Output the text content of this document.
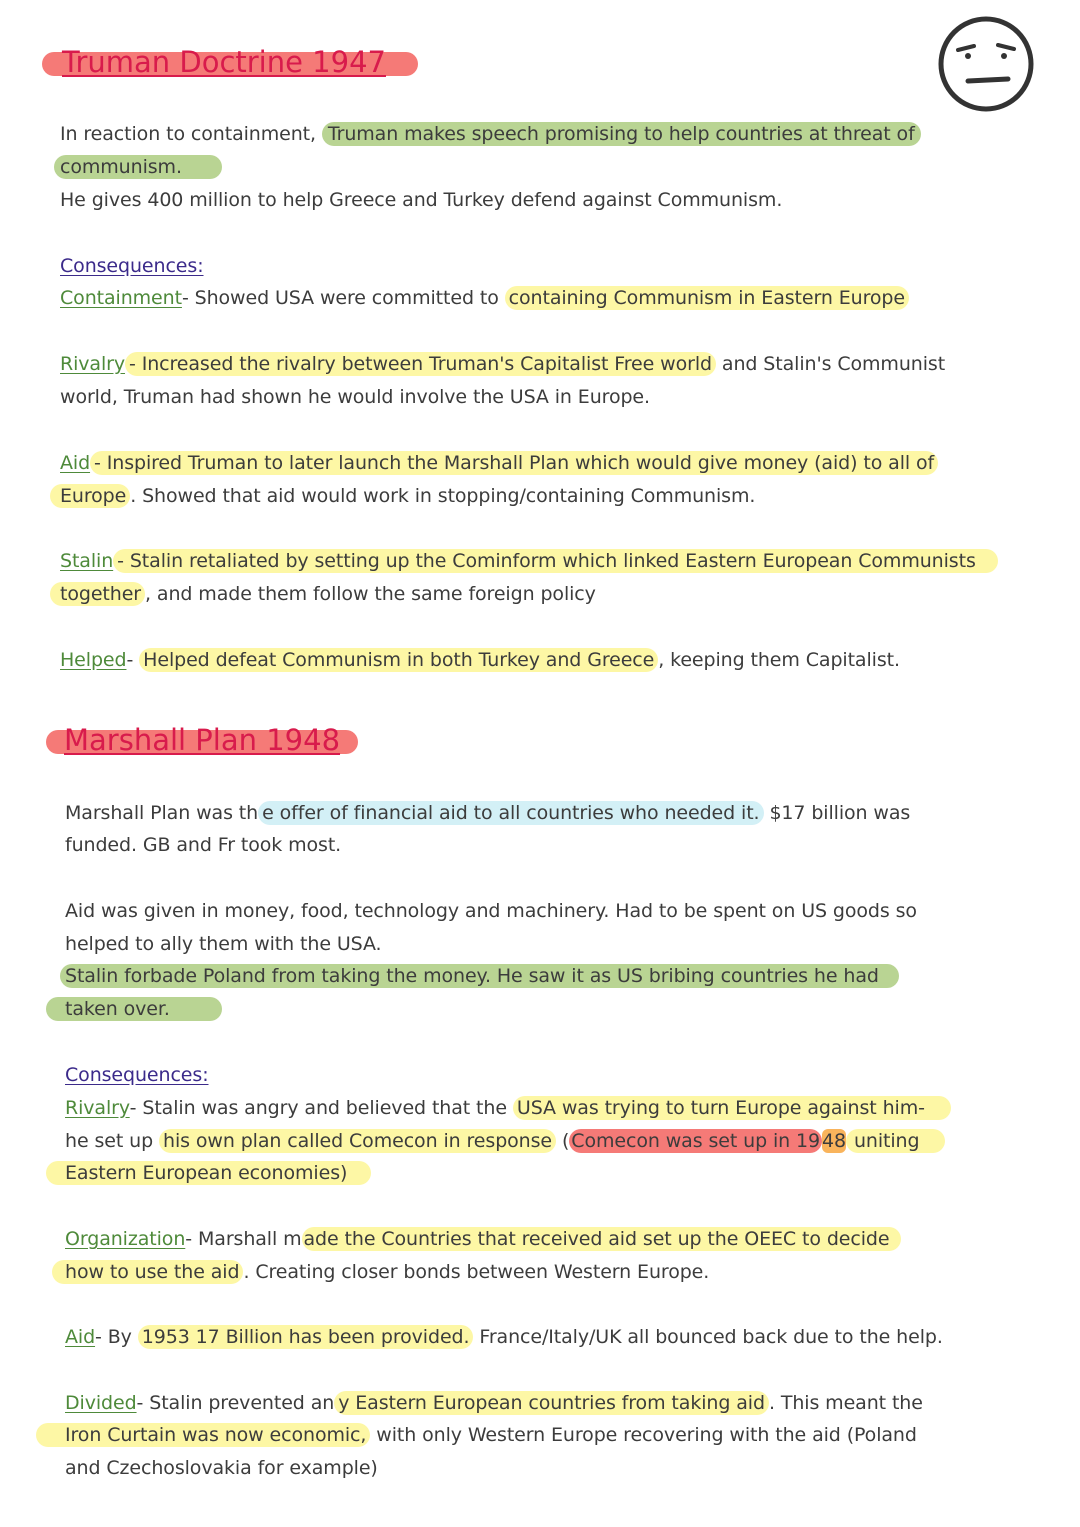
Truman Doctrine 1947
In reaction to containment, Truman makes speech promising to help countries at threat of
communism.
He gives 400 million to help Greece and Turkey defend against Communism.
Consequences:
Containment- Showed USA were committed to containing Communism in Eastern Europe
Rivalry - Increased the rivalry between Truman's Capitalist Free world and Stalin's Communist
world, Truman had shown he would involve the USA in Europe.
Aid - Inspired Truman to later launch the Marshall Plan which would give money (aid) to all of
Europe . Showed that aid would work in stopping/containing Communism.
Stalin - Stalin retaliated by setting up the Cominform which linked Eastern European Communists
together , and made them follow the same foreign policy
Helped- Helped defeat Communism in both Turkey and Greece , keeping them Capitalist.
Marshall Plan 1948
Marshall Plan was th e offer of financial aid to all countries who needed it. $17 billion was
funded. GB and Fr took most.
Aid was given in money, food, technology and machinery. Had to be spent on US goods so
helped to ally them with the USA.
Stalin forbade Poland from taking the money. He saw it as US bribing countries he had
taken over.
Consequences:
Rivalry- Stalin was angry and believed that the USA was trying to turn Europe against him-
he set up his own plan called Comecon in response ( Comecon was set up in 19 48 uniting
Eastern European economies)
Organization- Marshall m ade the Countries that received aid set up the OEEC to decide
how to use the aid . Creating closer bonds between Western Europe.
Aid- By 1953 17 Billion has been provided. France/Italy/UK all bounced back due to the help.
Divided- Stalin prevented an y Eastern European countries from taking aid . This meant the
Iron Curtain was now economic, with only Western Europe recovering with the aid (Poland
and Czechoslovakia for example)
